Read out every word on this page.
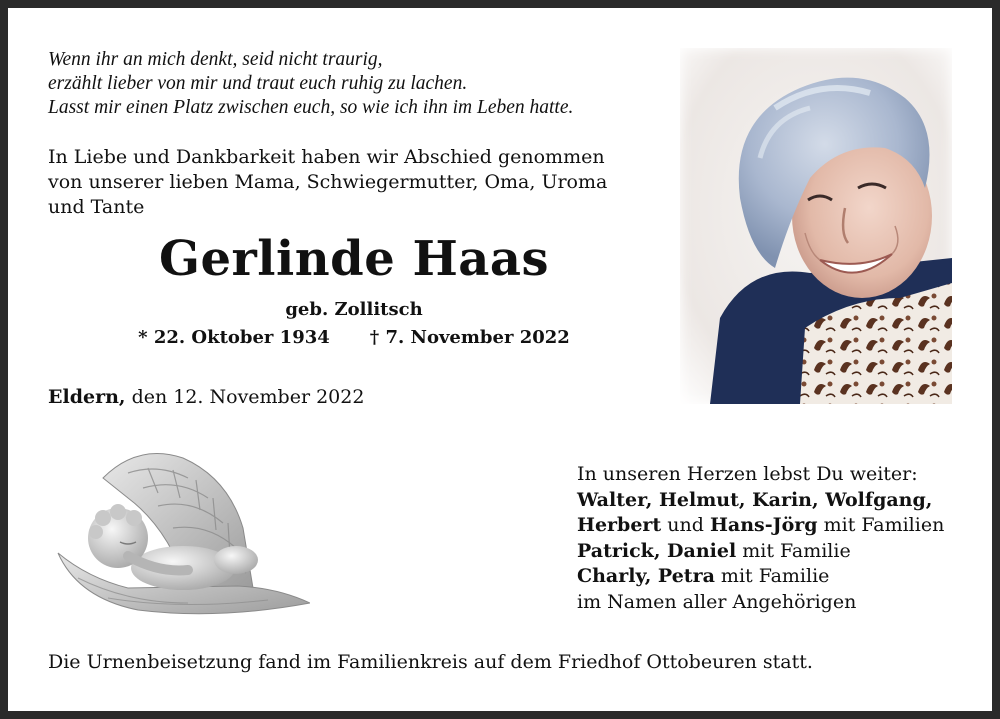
Wenn ihr an mich denkt, seid nicht traurig,
erzählt lieber von mir und traut euch ruhig zu lachen.
Lasst mir einen Platz zwischen euch, so wie ich ihn im Leben hatte.
In Liebe und Dankbarkeit haben wir Abschied genommen
von unserer lieben Mama, Schwiegermutter, Oma, Uroma
und Tante
Gerlinde Haas
geb. Zollitsch
* 22. Oktober 1934 † 7. November 2022
Eldern, den 12. November 2022
In unseren Herzen lebst Du weiter:
Walter, Helmut, Karin, Wolfgang,
Herbert und Hans-Jörg mit Familien
Patrick, Daniel mit Familie
Charly, Petra mit Familie
im Namen aller Angehörigen
Die Urnenbeisetzung fand im Familienkreis auf dem Friedhof Ottobeuren statt.
